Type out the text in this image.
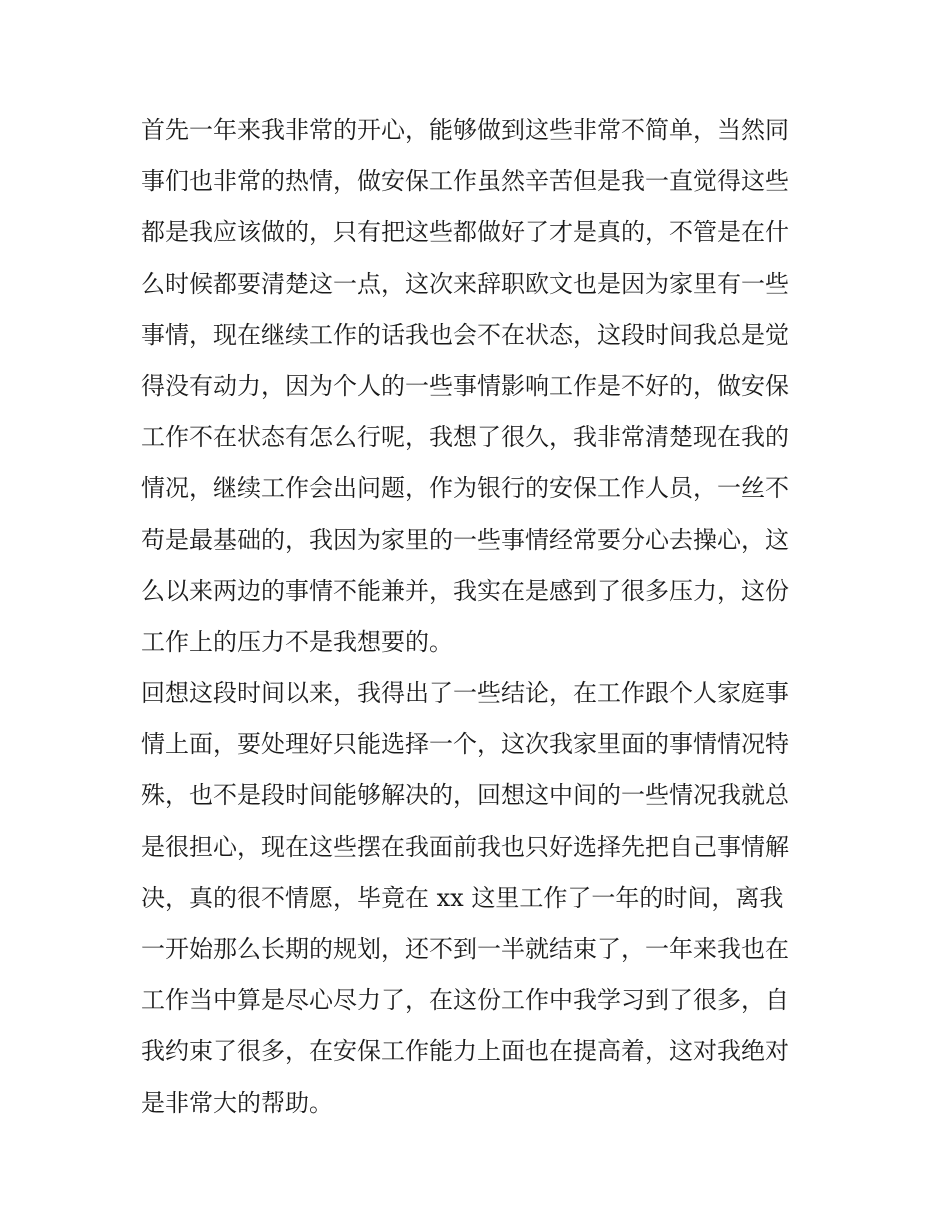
首先一年来我非常的开心，能够做到这些非常不简单，当然同
事们也非常的热情，做安保工作虽然辛苦但是我一直觉得这些
都是我应该做的，只有把这些都做好了才是真的，不管是在什
么时候都要清楚这一点，这次来辞职欧文也是因为家里有一些
事情，现在继续工作的话我也会不在状态，这段时间我总是觉
得没有动力，因为个人的一些事情影响工作是不好的，做安保
工作不在状态有怎么行呢，我想了很久，我非常清楚现在我的
情况，继续工作会出问题，作为银行的安保工作人员，一丝不
苟是最基础的，我因为家里的一些事情经常要分心去操心，这
么以来两边的事情不能兼并，我实在是感到了很多压力，这份
工作上的压力不是我想要的。
回想这段时间以来，我得出了一些结论，在工作跟个人家庭事
情上面，要处理好只能选择一个，这次我家里面的事情情况特
殊，也不是段时间能够解决的，回想这中间的一些情况我就总
是很担心，现在这些摆在我面前我也只好选择先把自己事情解
决，真的很不情愿，毕竟在 xx 这里工作了一年的时间，离我
一开始那么长期的规划，还不到一半就结束了，一年来我也在
工作当中算是尽心尽力了，在这份工作中我学习到了很多，自
我约束了很多，在安保工作能力上面也在提高着，这对我绝对
是非常大的帮助。
